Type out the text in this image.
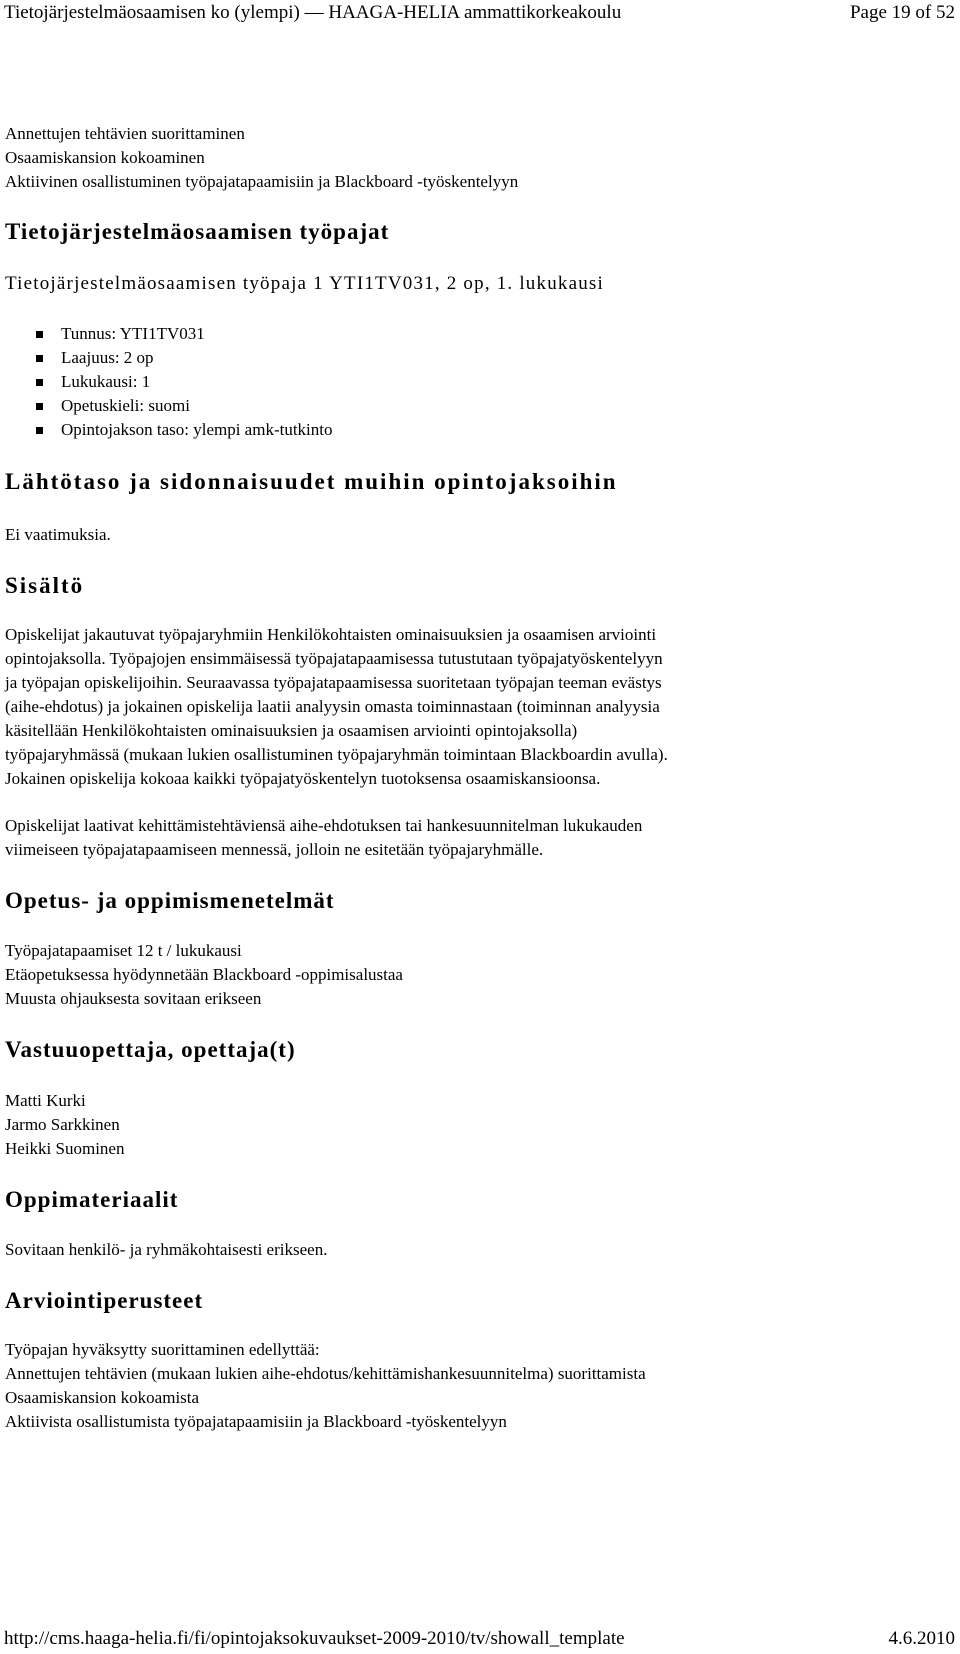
Tietojärjestelmäosaamisen ko (ylempi) — HAAGA-HELIA ammattikorkeakoulu	Page 19 of 52
Annettujen tehtävien suorittaminen
Osaamiskansion kokoaminen
Aktiivinen osallistuminen työpajatapaamisiin ja Blackboard -työskentelyyn
Tietojärjestelmäosaamisen työpajat
Tietojärjestelmäosaamisen työpaja 1 YTI1TV031, 2 op, 1. lukukausi
Tunnus: YTI1TV031
Laajuus: 2 op
Lukukausi: 1
Opetuskieli: suomi
Opintojakson taso: ylempi amk-tutkinto
Lähtötaso ja sidonnaisuudet muihin opintojaksoihin
Ei vaatimuksia.
Sisältö
Opiskelijat jakautuvat työpajaryhmiin Henkilökohtaisten ominaisuuksien ja osaamisen arviointi
opintojaksolla. Työpajojen ensimmäisessä työpajatapaamisessa tutustutaan työpajatyöskentelyyn
ja työpajan opiskelijoihin. Seuraavassa työpajatapaamisessa suoritetaan työpajan teeman evästys
(aihe-ehdotus) ja jokainen opiskelija laatii analyysin omasta toiminnastaan (toiminnan analyysia
käsitellään Henkilökohtaisten ominaisuuksien ja osaamisen arviointi opintojaksolla)
työpajaryhmässä (mukaan lukien osallistuminen työpajaryhmän toimintaan Blackboardin avulla).
Jokainen opiskelija kokoaa kaikki työpajatyöskentelyn tuotoksensa osaamiskansioonsa.
Opiskelijat laativat kehittämistehtäviensä aihe-ehdotuksen tai hankesuunnitelman lukukauden
viimeiseen työpajatapaamiseen mennessä, jolloin ne esitetään työpajaryhmälle.
Opetus- ja oppimismenetelmät
Työpajatapaamiset 12 t / lukukausi
Etäopetuksessa hyödynnetään Blackboard -oppimisalustaa
Muusta ohjauksesta sovitaan erikseen
Vastuuopettaja, opettaja(t)
Matti Kurki
Jarmo Sarkkinen
Heikki Suominen
Oppimateriaalit
Sovitaan henkilö- ja ryhmäkohtaisesti erikseen.
Arviointiperusteet
Työpajan hyväksytty suorittaminen edellyttää:
Annettujen tehtävien (mukaan lukien aihe-ehdotus/kehittämishankesuunnitelma) suorittamista
Osaamiskansion kokoamista
Aktiivista osallistumista työpajatapaamisiin ja Blackboard -työskentelyyn
http://cms.haaga-helia.fi/fi/opintojaksokuvaukset-2009-2010/tv/showall_template	4.6.2010
